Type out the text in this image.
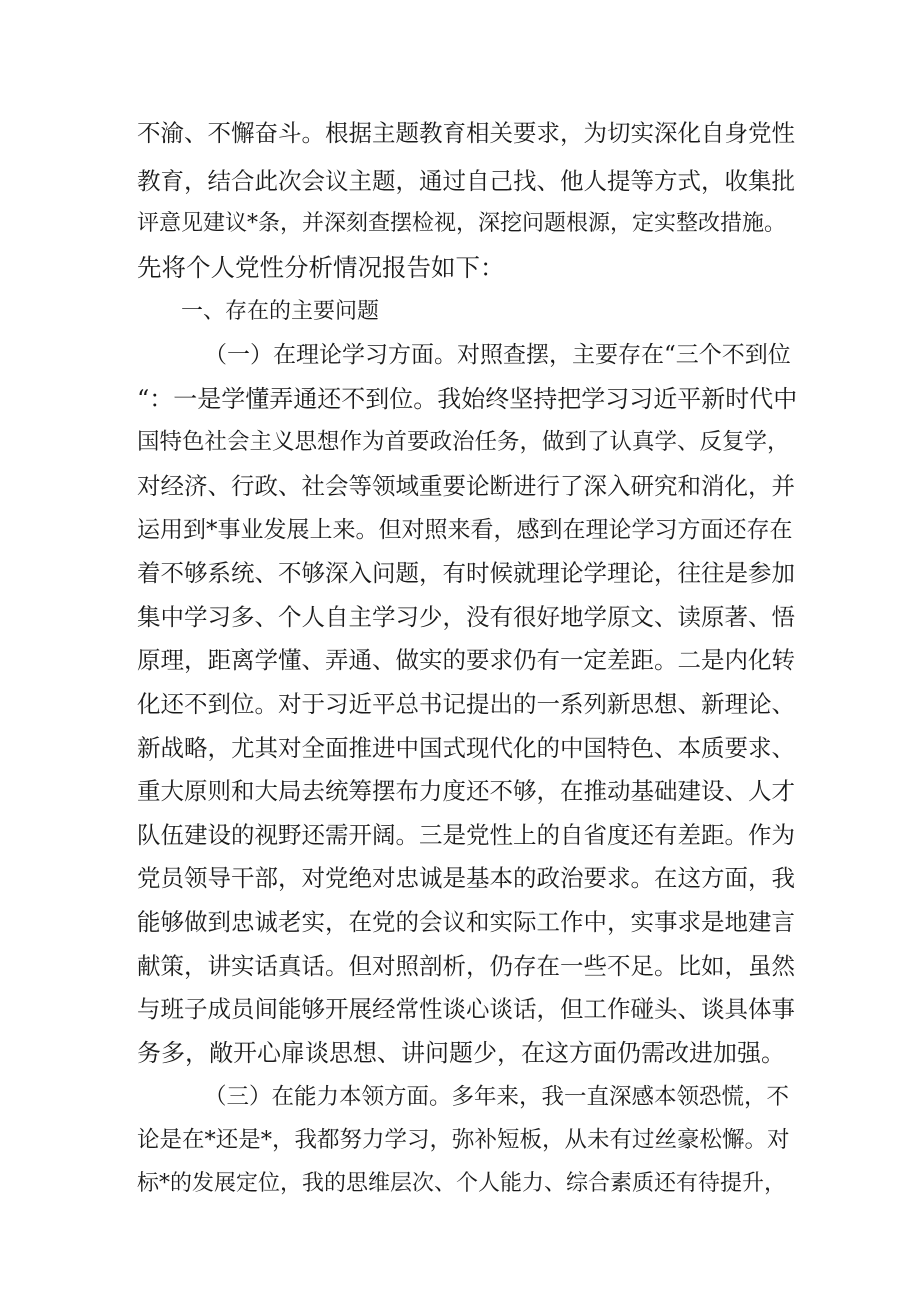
不渝、不懈奋斗。根据主题教育相关要求，为切实深化自身党性
教育，结合此次会议主题，通过自己找、他人提等方式，收集批
评意见建议*条，并深刻查摆检视，深挖问题根源，定实整改措施。
先将个人党性分析情况报告如下：
一、存在的主要问题
（一）在理论学习方面。对照查摆，主要存在“三个不到位
“：一是学懂弄通还不到位。我始终坚持把学习习近平新时代中
国特色社会主义思想作为首要政治任务，做到了认真学、反复学，
对经济、行政、社会等领域重要论断进行了深入研究和消化，并
运用到*事业发展上来。但对照来看，感到在理论学习方面还存在
着不够系统、不够深入问题，有时候就理论学理论，往往是参加
集中学习多、个人自主学习少，没有很好地学原文、读原著、悟
原理，距离学懂、弄通、做实的要求仍有一定差距。二是内化转
化还不到位。对于习近平总书记提出的一系列新思想、新理论、
新战略，尤其对全面推进中国式现代化的中国特色、本质要求、
重大原则和大局去统筹摆布力度还不够，在推动基础建设、人才
队伍建设的视野还需开阔。三是党性上的自省度还有差距。作为
党员领导干部，对党绝对忠诚是基本的政治要求。在这方面，我
能够做到忠诚老实，在党的会议和实际工作中，实事求是地建言
献策，讲实话真话。但对照剖析，仍存在一些不足。比如，虽然
与班子成员间能够开展经常性谈心谈话，但工作碰头、谈具体事
务多，敞开心扉谈思想、讲问题少，在这方面仍需改进加强。
（三）在能力本领方面。多年来，我一直深感本领恐慌，不
论是在*还是*，我都努力学习，弥补短板，从未有过丝豪松懈。对
标*的发展定位，我的思维层次、个人能力、综合素质还有待提升，
